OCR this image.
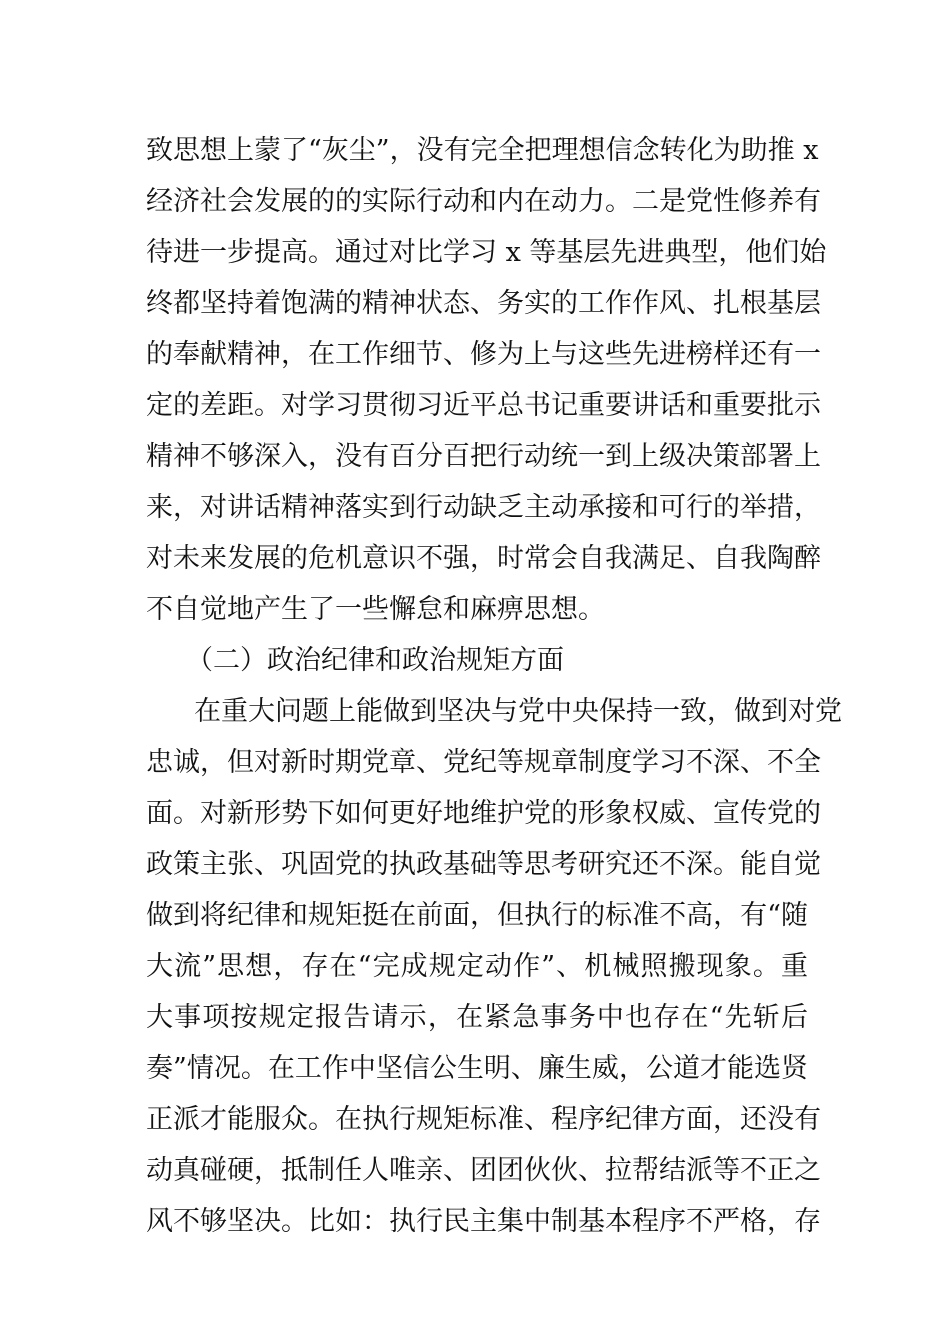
致思想上蒙了“灰尘”，没有完全把理想信念转化为助推 x
经济社会发展的的实际行动和内在动力。二是党性修养有
待进一步提高。通过对比学习 x 等基层先进典型，他们始
终都坚持着饱满的精神状态、务实的工作作风、扎根基层
的奉献精神，在工作细节、修为上与这些先进榜样还有一
定的差距。对学习贯彻习近平总书记重要讲话和重要批示
精神不够深入，没有百分百把行动统一到上级决策部署上
来，对讲话精神落实到行动缺乏主动承接和可行的举措，
对未来发展的危机意识不强，时常会自我满足、自我陶醉
不自觉地产生了一些懈怠和麻痹思想。
（二）政治纪律和政治规矩方面
在重大问题上能做到坚决与党中央保持一致，做到对党
忠诚，但对新时期党章、党纪等规章制度学习不深、不全
面。对新形势下如何更好地维护党的形象权威、宣传党的
政策主张、巩固党的执政基础等思考研究还不深。能自觉
做到将纪律和规矩挺在前面，但执行的标准不高，有“随
大流”思想，存在“完成规定动作”、机械照搬现象。重
大事项按规定报告请示，在紧急事务中也存在“先斩后
奏”情况。在工作中坚信公生明、廉生威，公道才能选贤
正派才能服众。在执行规矩标准、程序纪律方面，还没有
动真碰硬，抵制任人唯亲、团团伙伙、拉帮结派等不正之
风不够坚决。比如：执行民主集中制基本程序不严格，存
